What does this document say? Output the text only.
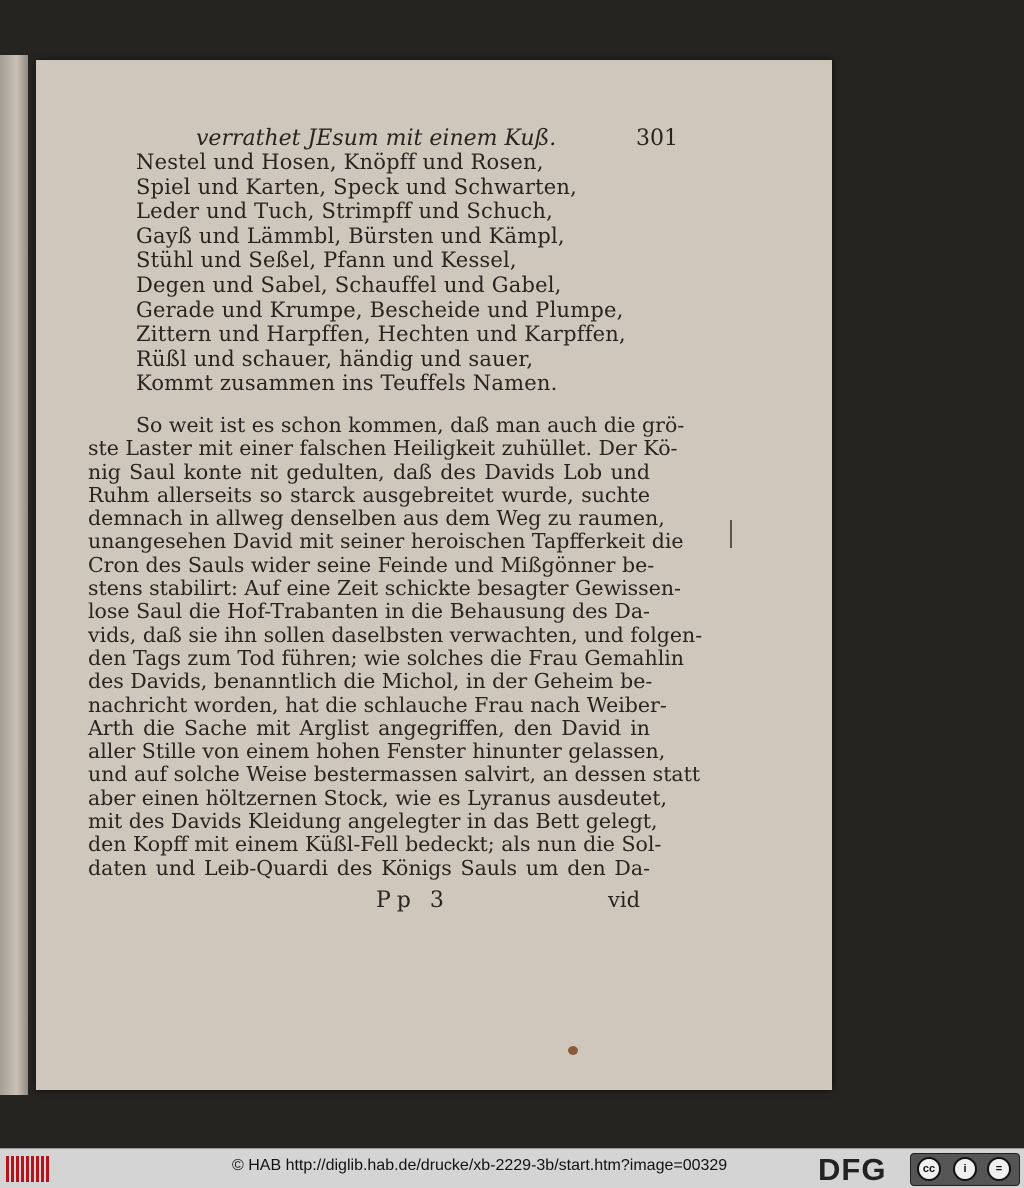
verrathet JEsum mit einem Kuß.	301
Nestel und Hosen, Knöpff und Rosen,
Spiel und Karten, Speck und Schwarten,
Leder und Tuch, Strimpff und Schuch,
Gayß und Lämmbl, Bürsten und Kämpl,
Stühl und Seßel, Pfann und Kessel,
Degen und Sabel, Schauffel und Gabel,
Gerade und Krumpe, Bescheide und Plumpe,
Zittern und Harpffen, Hechten und Karpffen,
Rüßl und schauer, händig und sauer,
Kommt zusammen ins Teuffels Namen.
So weit ist es schon kommen, daß man auch die grö-
ste Laster mit einer falschen Heiligkeit zuhüllet. Der Kö-
nig Saul konte nit gedulten, daß des Davids Lob und
Ruhm allerseits so starck ausgebreitet wurde, suchte
demnach in allweg denselben aus dem Weg zu raumen,
unangesehen David mit seiner heroischen Tapfferkeit die
Cron des Sauls wider seine Feinde und Mißgönner be-
stens stabilirt: Auf eine Zeit schickte besagter Gewissen-
lose Saul die Hof-Trabanten in die Behausung des Da-
vids, daß sie ihn sollen daselbsten verwachten, und folgen-
den Tags zum Tod führen; wie solches die Frau Gemahlin
des Davids, benanntlich die Michol, in der Geheim be-
nachricht worden, hat die schlauche Frau nach Weiber-
Arth die Sache mit Arglist angegriffen, den David in
aller Stille von einem hohen Fenster hinunter gelassen,
und auf solche Weise bestermassen salvirt, an dessen statt
aber einen höltzernen Stock, wie es Lyranus ausdeutet,
mit des Davids Kleidung angelegter in das Bett gelegt,
den Kopff mit einem Küßl-Fell bedeckt; als nun die Sol-
daten und Leib-Quardi des Königs Sauls um den Da-
Pp 3	vid
© HAB http://diglib.hab.de/drucke/xb-2229-3b/start.htm?image=00329	DFG	cc	i	=
